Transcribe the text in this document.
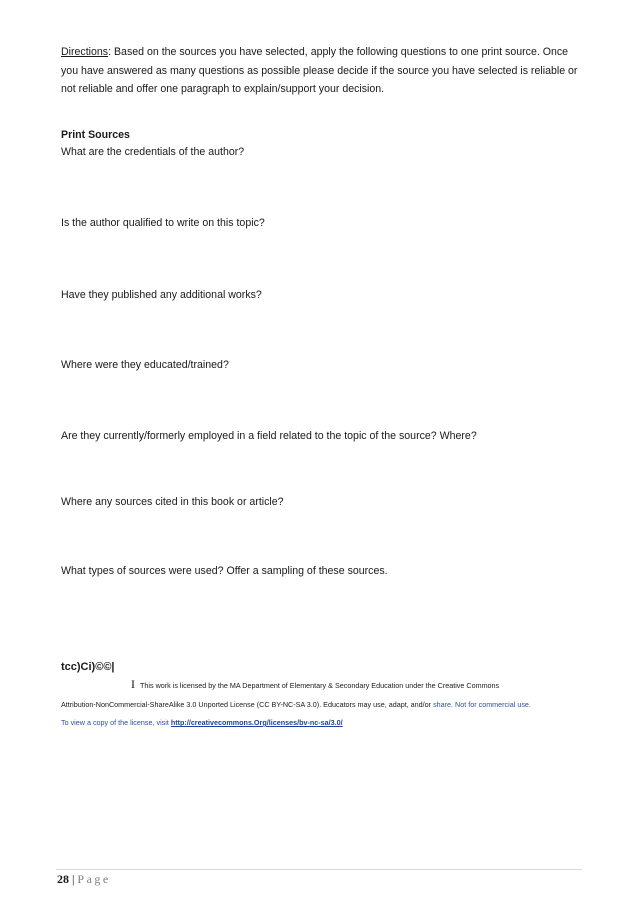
Directions: Based on the sources you have selected, apply the following questions to one print source. Once you have answered as many questions as possible please decide if the source you have selected is reliable or not reliable and offer one paragraph to explain/support your decision.
Print Sources
What are the credentials of the author?
Is the author qualified to write on this topic?
Have they published any additional works?
Where were they educated/trained?
Are they currently/formerly employed in a field related to the topic of the source? Where?
Where any sources cited in this book or article?
What types of sources were used? Offer a sampling of these sources.
tcc)Ci)©©|
I This work is licensed by the MA Department of Elementary & Secondary Education under the Creative Commons Attribution-NonCommercial-ShareAlike 3.0 Unported License (CC BY-NC-SA 3.0). Educators may use, adapt, and/or share. Not for commercial use. To view a copy of the license, visit http://creativecommons.Org/licenses/bv-nc-sa/3.0/
28 | Page
